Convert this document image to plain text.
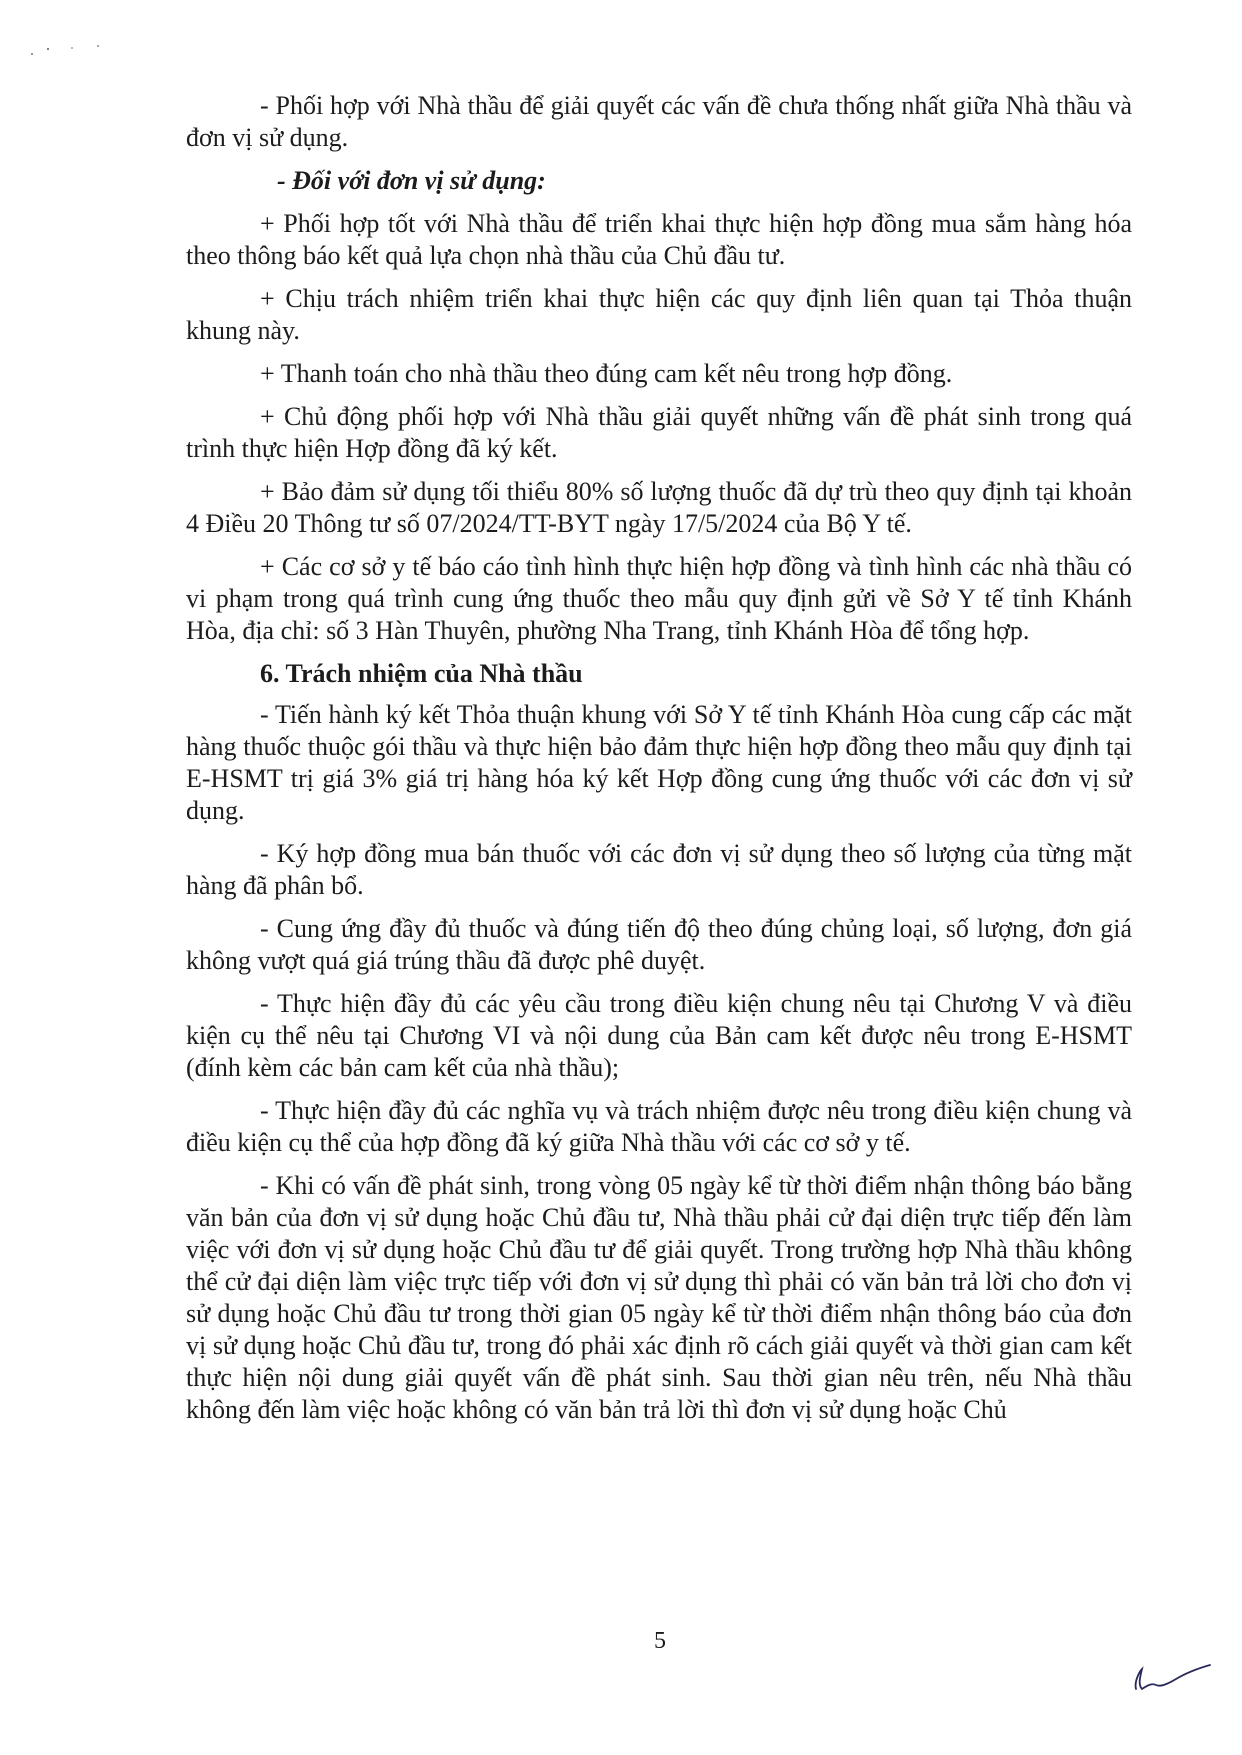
- Phối hợp với Nhà thầu để giải quyết các vấn đề chưa thống nhất giữa Nhà thầu và đơn vị sử dụng.

- Đối với đơn vị sử dụng:

+ Phối hợp tốt với Nhà thầu để triển khai thực hiện hợp đồng mua sắm hàng hóa theo thông báo kết quả lựa chọn nhà thầu của Chủ đầu tư.

+ Chịu trách nhiệm triển khai thực hiện các quy định liên quan tại Thỏa thuận khung này.

+ Thanh toán cho nhà thầu theo đúng cam kết nêu trong hợp đồng.

+ Chủ động phối hợp với Nhà thầu giải quyết những vấn đề phát sinh trong quá trình thực hiện Hợp đồng đã ký kết.

+ Bảo đảm sử dụng tối thiểu 80% số lượng thuốc đã dự trù theo quy định tại khoản 4 Điều 20 Thông tư số 07/2024/TT-BYT ngày 17/5/2024 của Bộ Y tế.

+ Các cơ sở y tế báo cáo tình hình thực hiện hợp đồng và tình hình các nhà thầu có vi phạm trong quá trình cung ứng thuốc theo mẫu quy định gửi về Sở Y tế tỉnh Khánh Hòa, địa chỉ: số 3 Hàn Thuyên, phường Nha Trang, tỉnh Khánh Hòa để tổng hợp.

6. Trách nhiệm của Nhà thầu

- Tiến hành ký kết Thỏa thuận khung với Sở Y tế tỉnh Khánh Hòa cung cấp các mặt hàng thuốc thuộc gói thầu và thực hiện bảo đảm thực hiện hợp đồng theo mẫu quy định tại E-HSMT trị giá 3% giá trị hàng hóa ký kết Hợp đồng cung ứng thuốc với các đơn vị sử dụng.

- Ký hợp đồng mua bán thuốc với các đơn vị sử dụng theo số lượng của từng mặt hàng đã phân bổ.

- Cung ứng đầy đủ thuốc và đúng tiến độ theo đúng chủng loại, số lượng, đơn giá không vượt quá giá trúng thầu đã được phê duyệt.

- Thực hiện đầy đủ các yêu cầu trong điều kiện chung nêu tại Chương V và điều kiện cụ thể nêu tại Chương VI và nội dung của Bản cam kết được nêu trong E-HSMT (đính kèm các bản cam kết của nhà thầu);

- Thực hiện đầy đủ các nghĩa vụ và trách nhiệm được nêu trong điều kiện chung và điều kiện cụ thể của hợp đồng đã ký giữa Nhà thầu với các cơ sở y tế.

- Khi có vấn đề phát sinh, trong vòng 05 ngày kể từ thời điểm nhận thông báo bằng văn bản của đơn vị sử dụng hoặc Chủ đầu tư, Nhà thầu phải cử đại diện trực tiếp đến làm việc với đơn vị sử dụng hoặc Chủ đầu tư để giải quyết. Trong trường hợp Nhà thầu không thể cử đại diện làm việc trực tiếp với đơn vị sử dụng thì phải có văn bản trả lời cho đơn vị sử dụng hoặc Chủ đầu tư trong thời gian 05 ngày kể từ thời điểm nhận thông báo của đơn vị sử dụng hoặc Chủ đầu tư, trong đó phải xác định rõ cách giải quyết và thời gian cam kết thực hiện nội dung giải quyết vấn đề phát sinh. Sau thời gian nêu trên, nếu Nhà thầu không đến làm việc hoặc không có văn bản trả lời thì đơn vị sử dụng hoặc Chủ

5
